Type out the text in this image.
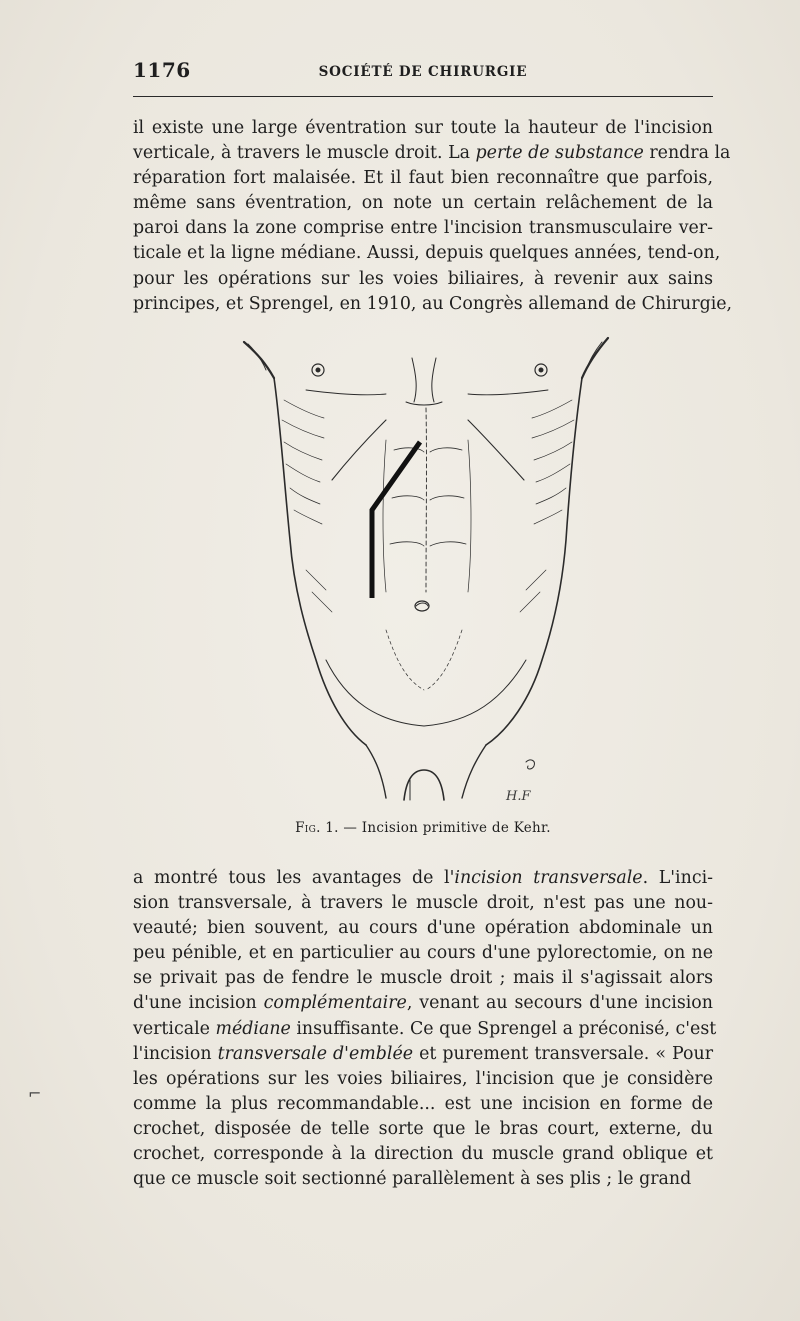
1176	SOCIÉTÉ DE CHIRURGIE
il existe une large éventration sur toute la hauteur de l'incision
verticale, à travers le muscle droit. La perte de substance rendra la
réparation fort malaisée. Et il faut bien reconnaître que parfois,
même sans éventration, on note un certain relâchement de la
paroi dans la zone comprise entre l'incision transmusculaire ver-
ticale et la ligne médiane. Aussi, depuis quelques années, tend-on,
pour les opérations sur les voies biliaires, à revenir aux sains
principes, et Sprengel, en 1910, au Congrès allemand de Chirurgie,
H.F
Fig. 1. — Incision primitive de Kehr.
a montré tous les avantages de l'incision transversale. L'inci-
sion transversale, à travers le muscle droit, n'est pas une nou-
veauté; bien souvent, au cours d'une opération abdominale un
peu pénible, et en particulier au cours d'une pylorectomie, on ne
se privait pas de fendre le muscle droit ; mais il s'agissait alors
d'une incision complémentaire, venant au secours d'une incision
verticale médiane insuffisante. Ce que Sprengel a préconisé, c'est
l'incision transversale d'emblée et purement transversale. « Pour
les opérations sur les voies biliaires, l'incision que je considère
comme la plus recommandable... est une incision en forme de
crochet, disposée de telle sorte que le bras court, externe, du
crochet, corresponde à la direction du muscle grand oblique et
que ce muscle soit sectionné parallèlement à ses plis ; le grand
⌐
